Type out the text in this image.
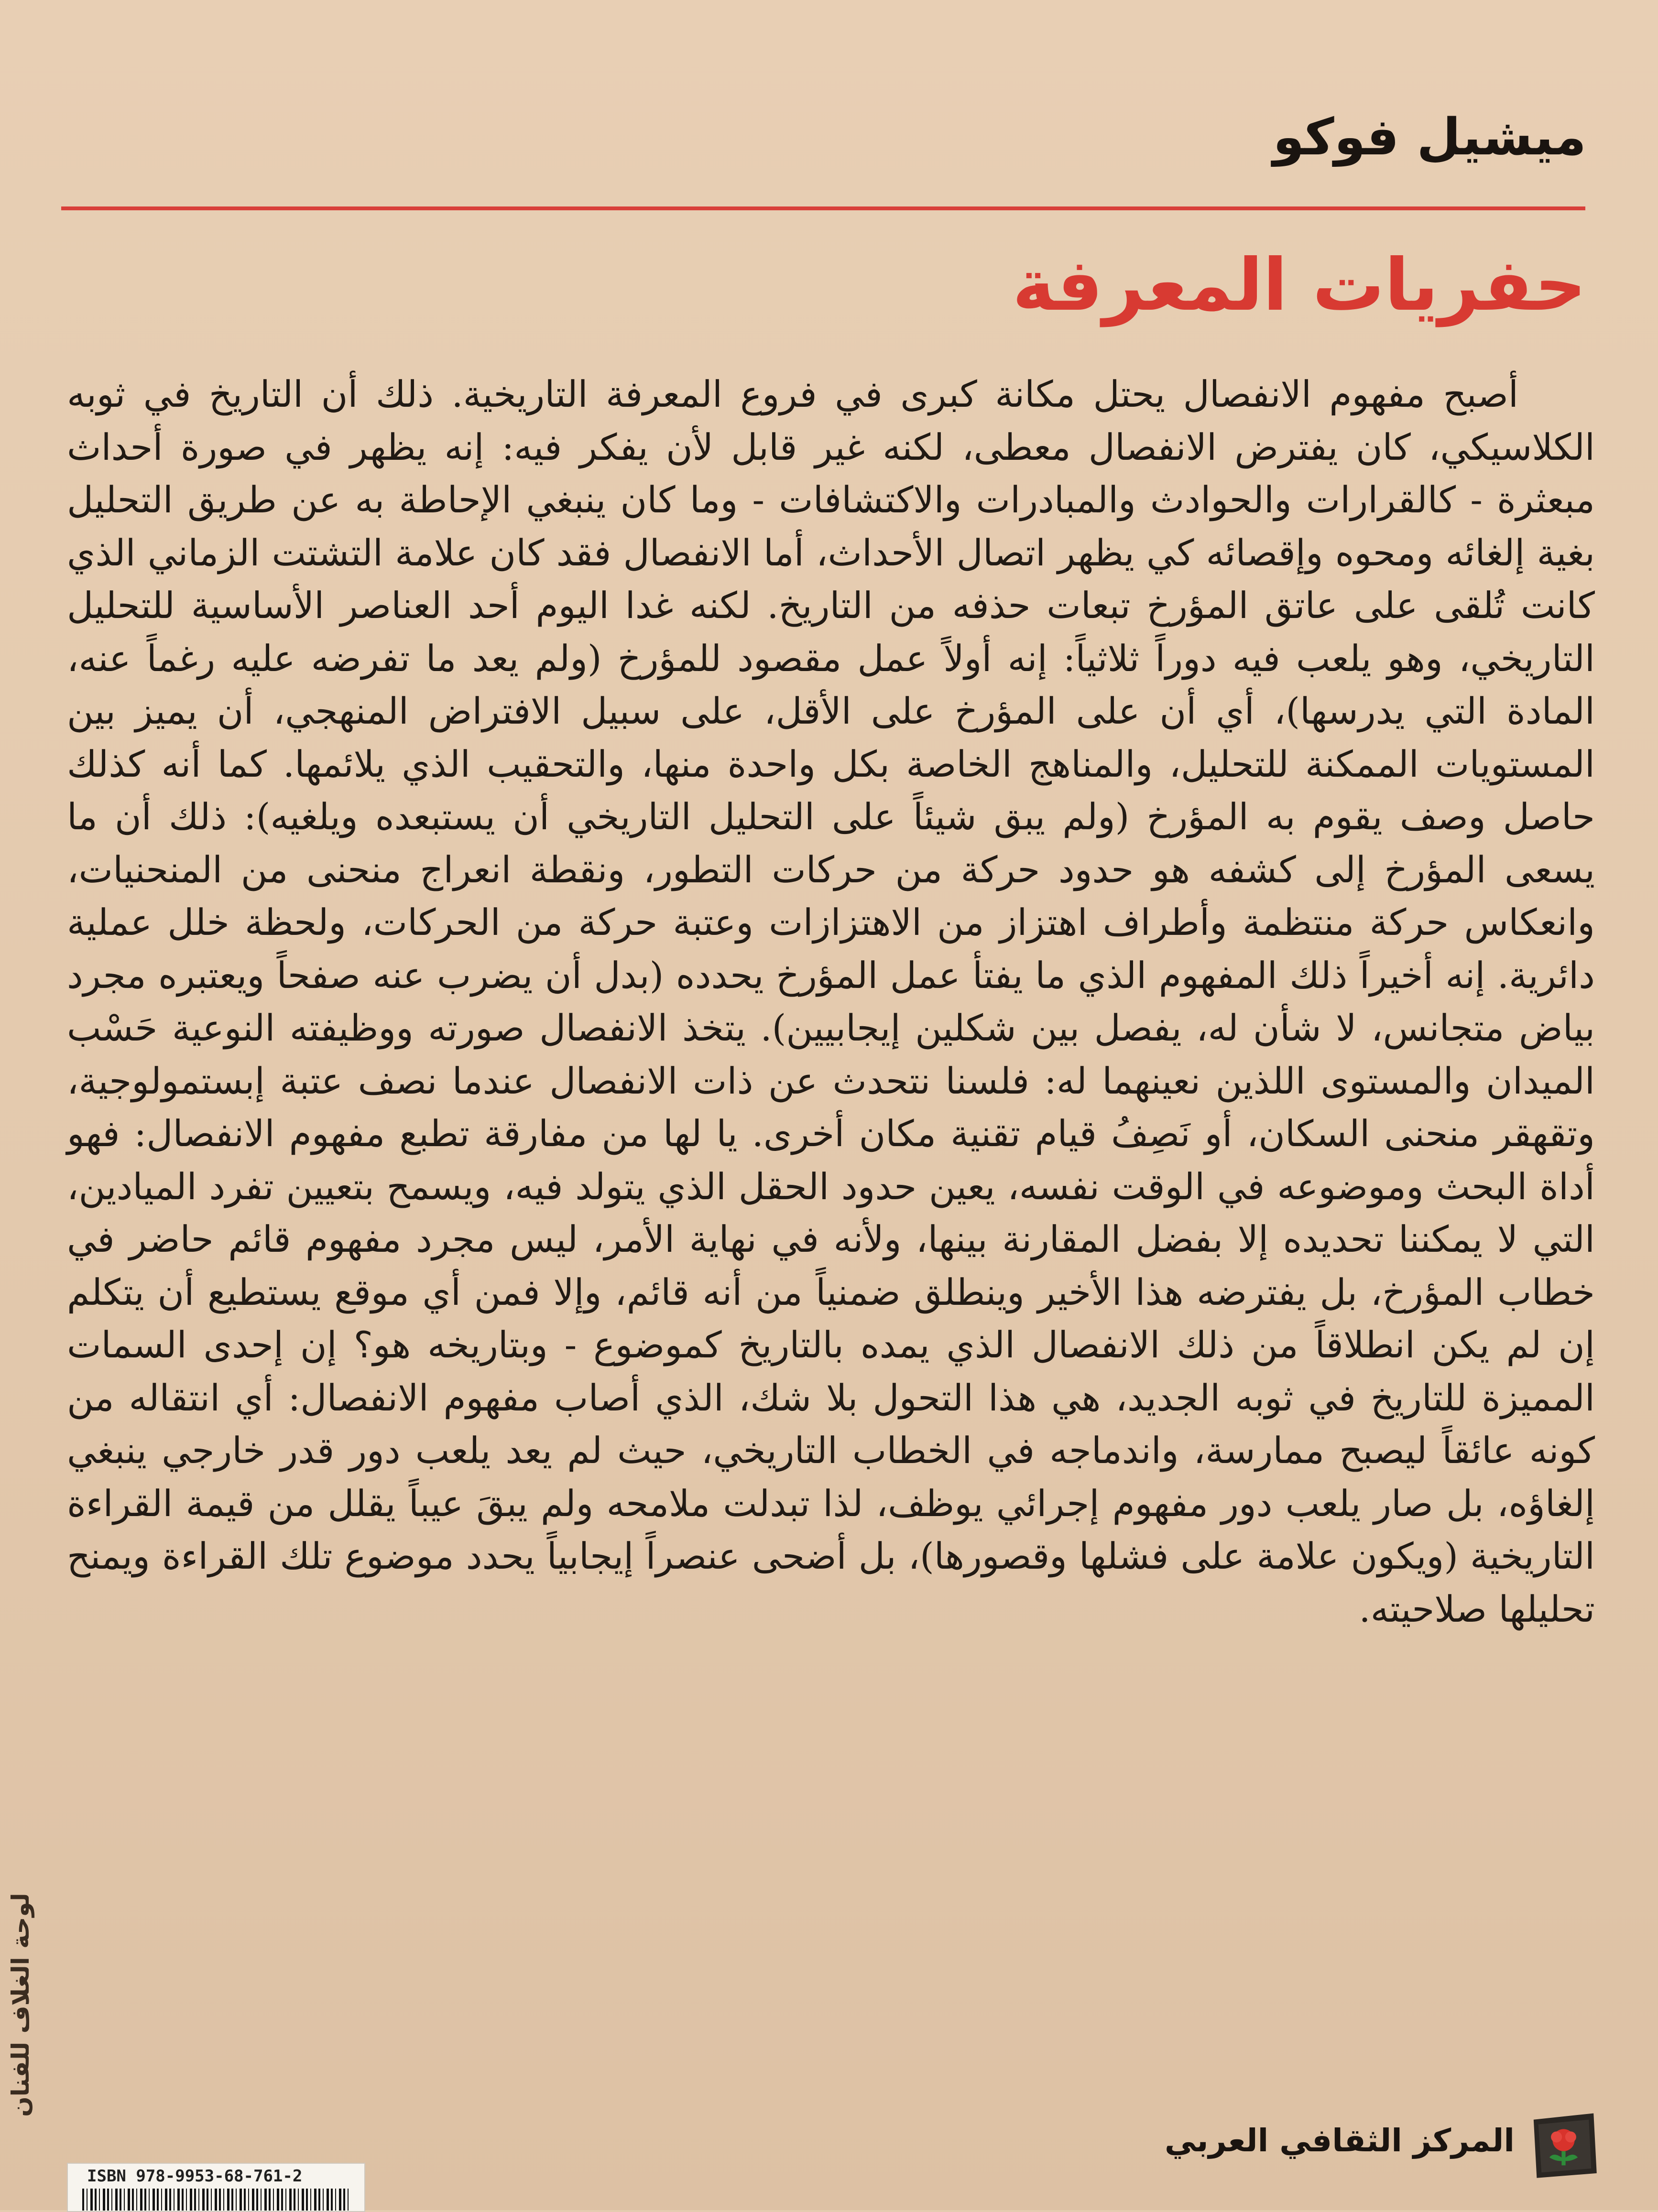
ميشيل فوكو
حفريات المعرفة

أصبح مفهوم الانفصال يحتل مكانة كبرى في فروع المعرفة التاريخية. ذلك أن التاريخ في ثوبه الكلاسيكي، كان يفترض الانفصال معطى، لكنه غير قابل لأن يفكر فيه: إنه يظهر في صورة أحداث مبعثرة - كالقرارات والحوادث والمبادرات والاكتشافات - وما كان ينبغي الإحاطة به عن طريق التحليل بغية إلغائه ومحوه وإقصائه كي يظهر اتصال الأحداث، أما الانفصال فقد كان علامة التشتت الزماني الذي كانت تُلقى على عاتق المؤرخ تبعات حذفه من التاريخ. لكنه غدا اليوم أحد العناصر الأساسية للتحليل التاريخي، وهو يلعب فيه دوراً ثلاثياً: إنه أولاً عمل مقصود للمؤرخ (ولم يعد ما تفرضه عليه رغماً عنه، المادة التي يدرسها)، أي أن على المؤرخ على الأقل، على سبيل الافتراض المنهجي، أن يميز بين المستويات الممكنة للتحليل، والمناهج الخاصة بكل واحدة منها، والتحقيب الذي يلائمها. كما أنه كذلك حاصل وصف يقوم به المؤرخ (ولم يبق شيئاً على التحليل التاريخي أن يستبعده ويلغيه): ذلك أن ما يسعى المؤرخ إلى كشفه هو حدود حركة من حركات التطور، ونقطة انعراج منحنى من المنحنيات، وانعكاس حركة منتظمة وأطراف اهتزاز من الاهتزازات وعتبة حركة من الحركات، ولحظة خلل عملية دائرية. إنه أخيراً ذلك المفهوم الذي ما يفتأ عمل المؤرخ يحدده (بدل أن يضرب عنه صفحاً ويعتبره مجرد بياض متجانس، لا شأن له، يفصل بين شكلين إيجابيين). يتخذ الانفصال صورته ووظيفته النوعية حَسْب الميدان والمستوى اللذين نعينهما له: فلسنا نتحدث عن ذات الانفصال عندما نصف عتبة إبستمولوجية، وتقهقر منحنى السكان، أو نَصِفُ قيام تقنية مكان أخرى. يا لها من مفارقة تطبع مفهوم الانفصال: فهو أداة البحث وموضوعه في الوقت نفسه، يعين حدود الحقل الذي يتولد فيه، ويسمح بتعيين تفرد الميادين، التي لا يمكننا تحديده إلا بفضل المقارنة بينها، ولأنه في نهاية الأمر، ليس مجرد مفهوم قائم حاضر في خطاب المؤرخ، بل يفترضه هذا الأخير وينطلق ضمنياً من أنه قائم، وإلا فمن أي موقع يستطيع أن يتكلم إن لم يكن انطلاقاً من ذلك الانفصال الذي يمده بالتاريخ كموضوع - وبتاريخه هو؟ إن إحدى السمات المميزة للتاريخ في ثوبه الجديد، هي هذا التحول بلا شك، الذي أصاب مفهوم الانفصال: أي انتقاله من كونه عائقاً ليصبح ممارسة، واندماجه في الخطاب التاريخي، حيث لم يعد يلعب دور قدر خارجي ينبغي إلغاؤه، بل صار يلعب دور مفهوم إجرائي يوظف، لذا تبدلت ملامحه ولم يبقَ عيباً يقلل من قيمة القراءة التاريخية (ويكون علامة على فشلها وقصورها)، بل أضحى عنصراً إيجابياً يحدد موضوع تلك القراءة ويمنح تحليلها صلاحيته.

لوحة الغلاف للفنان
ISBN 978-9953-68-761-2
المركز الثقافي العربي
